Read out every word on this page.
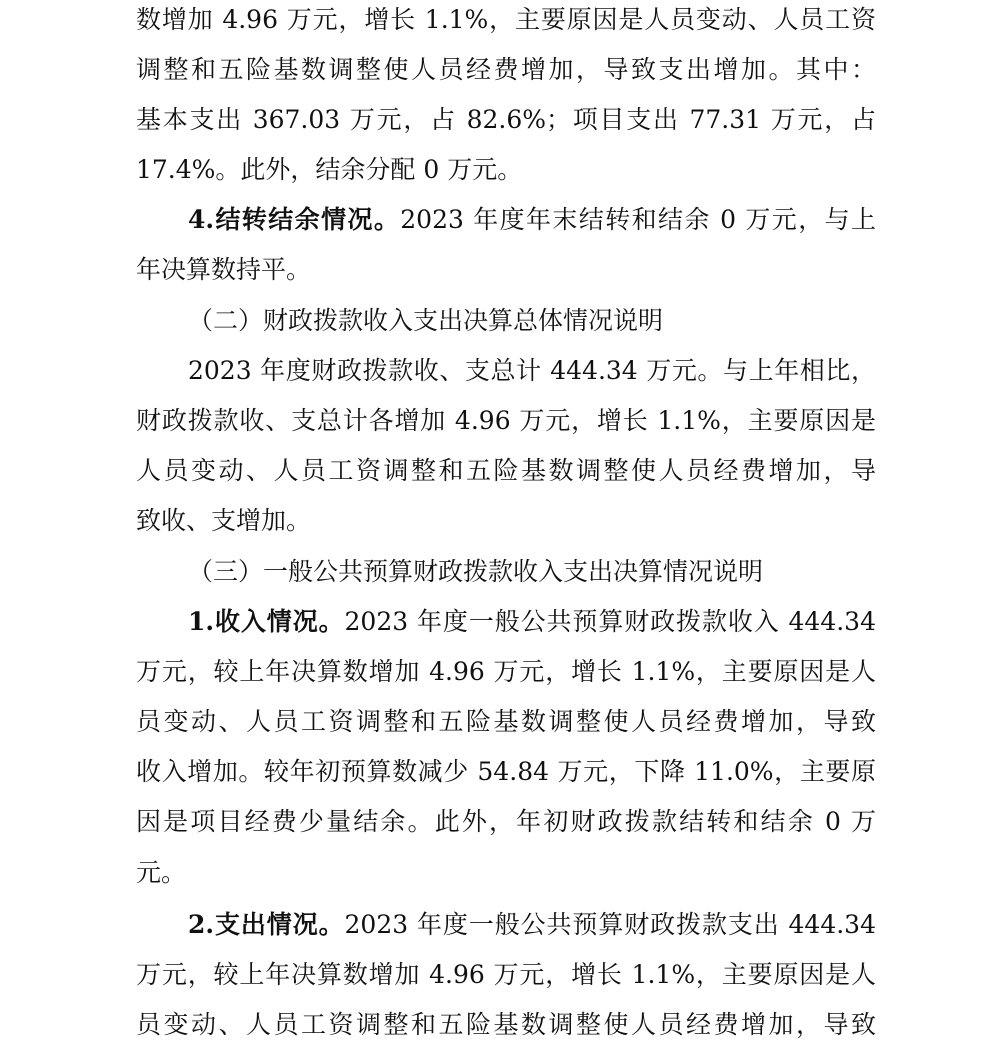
数增加 4.96 万元，增长 1.1%，主要原因是人员变动、人员工资
调整和五险基数调整使人员经费增加，导致支出增加。其中：
基本支出 367.03 万元，占 82.6%；项目支出 77.31 万元，占
17.4%。此外，结余分配 0 万元。
4.结转结余情况。2023 年度年末结转和结余 0 万元，与上
年决算数持平。
（二）财政拨款收入支出决算总体情况说明
2023 年度财政拨款收、支总计 444.34 万元。与上年相比，
财政拨款收、支总计各增加 4.96 万元，增长 1.1%，主要原因是
人员变动、人员工资调整和五险基数调整使人员经费增加，导
致收、支增加。
（三）一般公共预算财政拨款收入支出决算情况说明
1.收入情况。2023 年度一般公共预算财政拨款收入 444.34
万元，较上年决算数增加 4.96 万元，增长 1.1%，主要原因是人
员变动、人员工资调整和五险基数调整使人员经费增加，导致
收入增加。较年初预算数减少 54.84 万元，下降 11.0%，主要原
因是项目经费少量结余。此外，年初财政拨款结转和结余 0 万
元。
2.支出情况。2023 年度一般公共预算财政拨款支出 444.34
万元，较上年决算数增加 4.96 万元，增长 1.1%，主要原因是人
员变动、人员工资调整和五险基数调整使人员经费增加，导致
